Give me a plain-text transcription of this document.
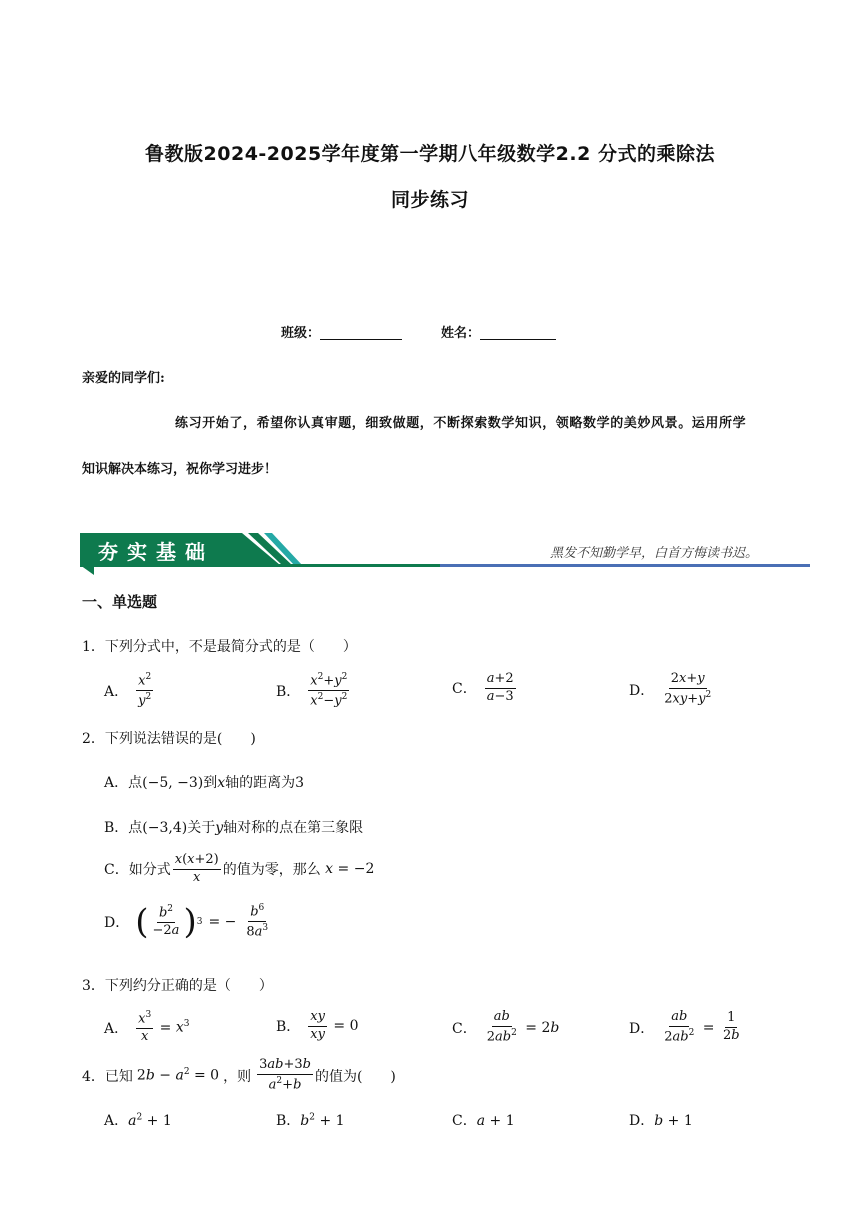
鲁教版2024-2025学年度第一学期八年级数学2.2 分式的乘除法
同步练习
班级：	姓名：
亲爱的同学们:
练习开始了，希望你认真审题，细致做题，不断探索数学知识，领略数学的美妙风景。运用所学
知识解决本练习，祝你学习进步！
夯实基础	黑发不知勤学早，白首方悔读书迟。
一、单选题
1．下列分式中，不是最简分式的是（　　）
A． $\frac{x^2}{y^2}$	B． $\frac{x^2+y^2}{x^2-y^2}$	C． $\frac{a+2}{a-3}$	D． $\frac{2x+y}{2xy+y^2}$
2．下列说法错误的是(　　)
A．点(−5, −3)到x轴的距离为3
B．点(−3,4)关于y轴对称的点在第三象限
C． 如分式 $\frac{x(x+2)}{x}$ 的值为零，那么 x = −2
D． ( $\frac{b^2}{-2a}$ ) 3 = − $\frac{b^6}{8a^3}$
3．下列约分正确的是（　　）
A． $\frac{x^3}{x} = x^3$	B． $\frac{xy}{xy} = 0$	C． $\frac{ab}{2ab^2} = 2$ b	D． $\frac{ab}{2ab^2} = \frac{1}{2b}$
4．已知 $2b - a^2 = 0$ ，则 $\frac{3ab+3b}{a^2+b}$ 的值为(　　)
A．$a^2 + 1$	B．$b^2 + 1$	C．a + 1	D．b + 1
